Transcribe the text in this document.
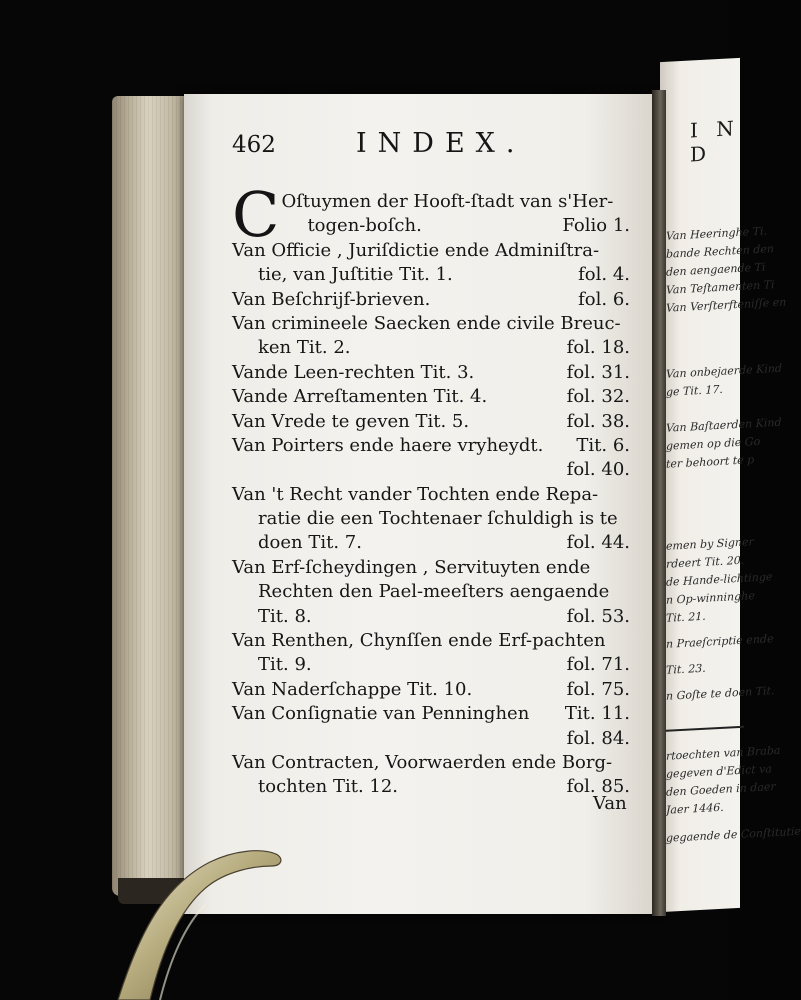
I N D
Van Heeringhe Ti.
bande Rechten den
den aengaende Ti
Van Teſtamenten Ti
Van Verſterfteniſſe en
Van onbejaerde Kind
ge Tit. 17.
Van Baſtaerden Kind
gemen op die Go
ter behoort te p
emen by Signer
rdeert Tit. 20.
de Hande-lichtinge
n Op-winninghe
Tit. 21.
n Praeſcriptie ende
Tit. 23.
n Goſte te doen Tit.
rtoechten van Braba
gegeven d'Edict va
den Goeden in daer
Jaer 1446.
gegaende de Conſtitutie
462	INDEX.
C Oſtuymen der Hooft-ſtadt van s'Her-
togen-boſch.	Folio 1.
Van Officie , Juriſdictie ende Adminiſtra-
tie, van Juſtitie Tit. 1.	fol. 4.
Van Beſchrijf-brieven.	fol. 6.
Van crimineele Saecken ende civile Breuc-
ken Tit. 2.	fol. 18.
Vande Leen-rechten Tit. 3.	fol. 31.
Vande Arreſtamenten Tit. 4.	fol. 32.
Van Vrede te geven Tit. 5.	fol. 38.
Van Poirters ende haere vryheydt. Tit. 6.
fol. 40.
Van 't Recht vander Tochten ende Repa-
ratie die een Tochtenaer ſchuldigh is te
doen Tit. 7.	fol. 44.
Van Erf-ſcheydingen , Servituyten ende
Rechten den Pael-meeſters aengaende
Tit. 8.	fol. 53.
Van Renthen, Chynſſen ende Erf-pachten
Tit. 9.	fol. 71.
Van Naderſchappe Tit. 10.	fol. 75.
Van Conſignatie van Penninghen Tit. 11.
fol. 84.
Van Contracten, Voorwaerden ende Borg-
tochten Tit. 12.	fol. 85.
Van
